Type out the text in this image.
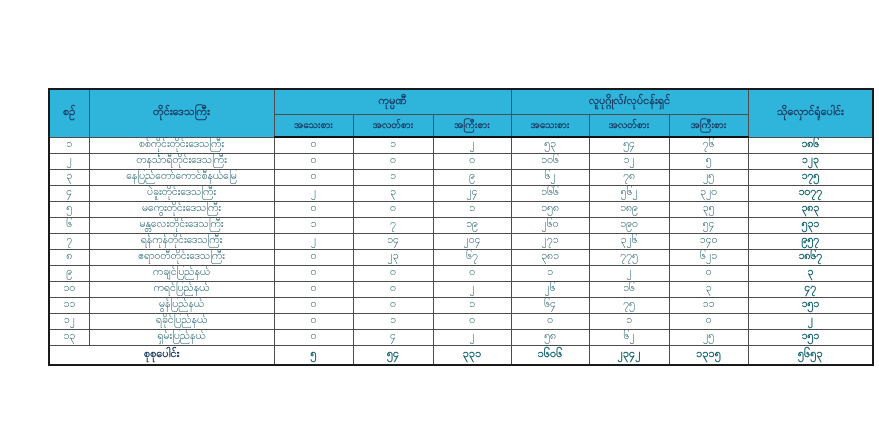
စဉ်	တိုင်းဒေသကြီး	ကုမ္ပဏီ			လူပုဂ္ဂိုလ်/လုပ်ငန်းရှင်			သိုလှောင်ရုံပေါင်း
		အသေးစား	အလတ်စား	အကြီးစား	အသေးစား	အလတ်စား	အကြီးစား	
၁	စစ်ကိုင်းတိုင်းဒေသကြီး	၀	၁	၂	၅၃	၅၄	၇၆	၁၈၆
၂	တနင်္သာရီတိုင်းဒေသကြီး	၀	၀	၀	၁၀၆	၁၂	၅	၁၂၃
၃	နေပြည်တော်ကောင်စီနယ်မြေ	၀	၁	၉	၆၂	၇၈	၂၅	၁၇၅
၄	ပဲခူးတိုင်းဒေသကြီး	၂	၃	၂၄	၁၆၆	၅၆၂	၃၂၀	၁၀၇၇
၅	မကွေးတိုင်းဒေသကြီး	၀	၀	၁	၁၅၈	၁၈၉	၃၅	၃၈၃
၆	မန္တလေးတိုင်းဒေသကြီး	၁	၇	၁၉	၂၆၀	၁၉၀	၅၄	၅၃၁
၇	ရန်ကုန်တိုင်းဒေသကြီး	၂	၁၄	၂၀၄	၂၇၁	၃၂၆	၁၄၀	၉၅၇
၈	ဧရာဝတီတိုင်းဒေသကြီး	၀	၂၃	၆၇	၃၈၁	၇၇၅	၆၂၁	၁၈၆၇
၉	ကချင်ပြည်နယ်	၀	၀	၀	၁	၂	၀	၃
၁၀	ကရင်ပြည်နယ်	၀	၀	၂	၂၆	၁၆	၃	၄၇
၁၁	မွန်ပြည်နယ်	၀	၀	၁	၆၄	၇၅	၁၁	၁၅၁
၁၂	ရခိုင်ပြည်နယ်	၀	၁	၀	၀	၁	၀	၂
၁၃	ရှမ်းပြည်နယ်	၀	၄	၂	၅၈	၆၂	၂၅	၁၅၁
စုစုပေါင်း		၅	၅၄	၃၃၁	၁၆၀၆	၂၃၄၂	၁၃၁၅	၅၆၅၃
